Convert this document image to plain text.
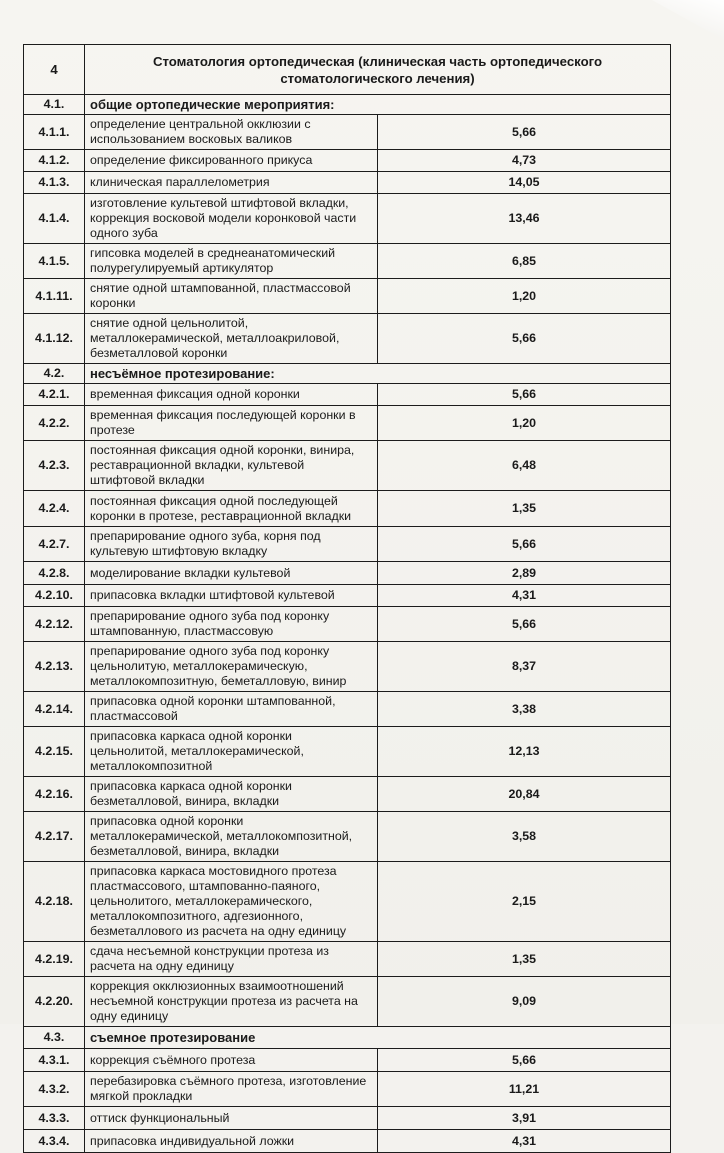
4	Стоматология ортопедическая (клиническая часть ортопедического стоматологического лечения)	
4.1.	общие ортопедические мероприятия:	
4.1.1.	определение центральной окклюзии с использованием восковых валиков	5,66
4.1.2.	определение фиксированного прикуса	4,73
4.1.3.	клиническая параллелометрия	14,05
4.1.4.	изготовление культевой штифтовой вкладки, коррекция восковой модели коронковой части одного зуба	13,46
4.1.5.	гипсовка моделей в среднеанатомический полурегулируемый артикулятор	6,85
4.1.11.	снятие одной штампованной, пластмассовой коронки	1,20
4.1.12.	снятие одной цельнолитой, металлокерамической, металлоакриловой, безметалловой коронки	5,66
4.2.	несъёмное протезирование:	
4.2.1.	временная фиксация одной коронки	5,66
4.2.2.	временная фиксация последующей коронки в протезе	1,20
4.2.3.	постоянная фиксация одной коронки, винира, реставрационной вкладки, культевой штифтовой вкладки	6,48
4.2.4.	постоянная фиксация одной последующей коронки в протезе, реставрационной вкладки	1,35
4.2.7.	препарирование одного зуба, корня под культевую штифтовую вкладку	5,66
4.2.8.	моделирование вкладки культевой	2,89
4.2.10.	припасовка вкладки штифтовой культевой	4,31
4.2.12.	препарирование одного зуба под коронку штампованную, пластмассовую	5,66
4.2.13.	препарирование одного зуба под коронку цельнолитую, металлокерамическую, металлокомпозитную, беметалловую, винир	8,37
4.2.14.	припасовка одной коронки штампованной, пластмассовой	3,38
4.2.15.	припасовка каркаса одной коронки цельнолитой, металлокерамической, металлокомпозитной	12,13
4.2.16.	припасовка каркаса одной коронки безметалловой, винира, вкладки	20,84
4.2.17.	припасовка одной коронки металлокерамической, металлокомпозитной, безметалловой, винира, вкладки	3,58
4.2.18.	припасовка каркаса мостовидного протеза пластмассового, штампованно-паяного, цельнолитого, металлокерамического, металлокомпозитного, адгезионного, безметаллового из расчета на одну единицу	2,15
4.2.19.	сдача несъемной конструкции протеза из расчета на одну единицу	1,35
4.2.20.	коррекция окклюзионных взаимоотношений несъемной конструкции протеза из расчета на одну единицу	9,09
4.3.	съемное протезирование	
4.3.1.	коррекция съёмного протеза	5,66
4.3.2.	перебазировка съёмного протеза, изготовление мягкой прокладки	11,21
4.3.3.	оттиск функциональный	3,91
4.3.4.	припасовка индивидуальной ложки	4,31
